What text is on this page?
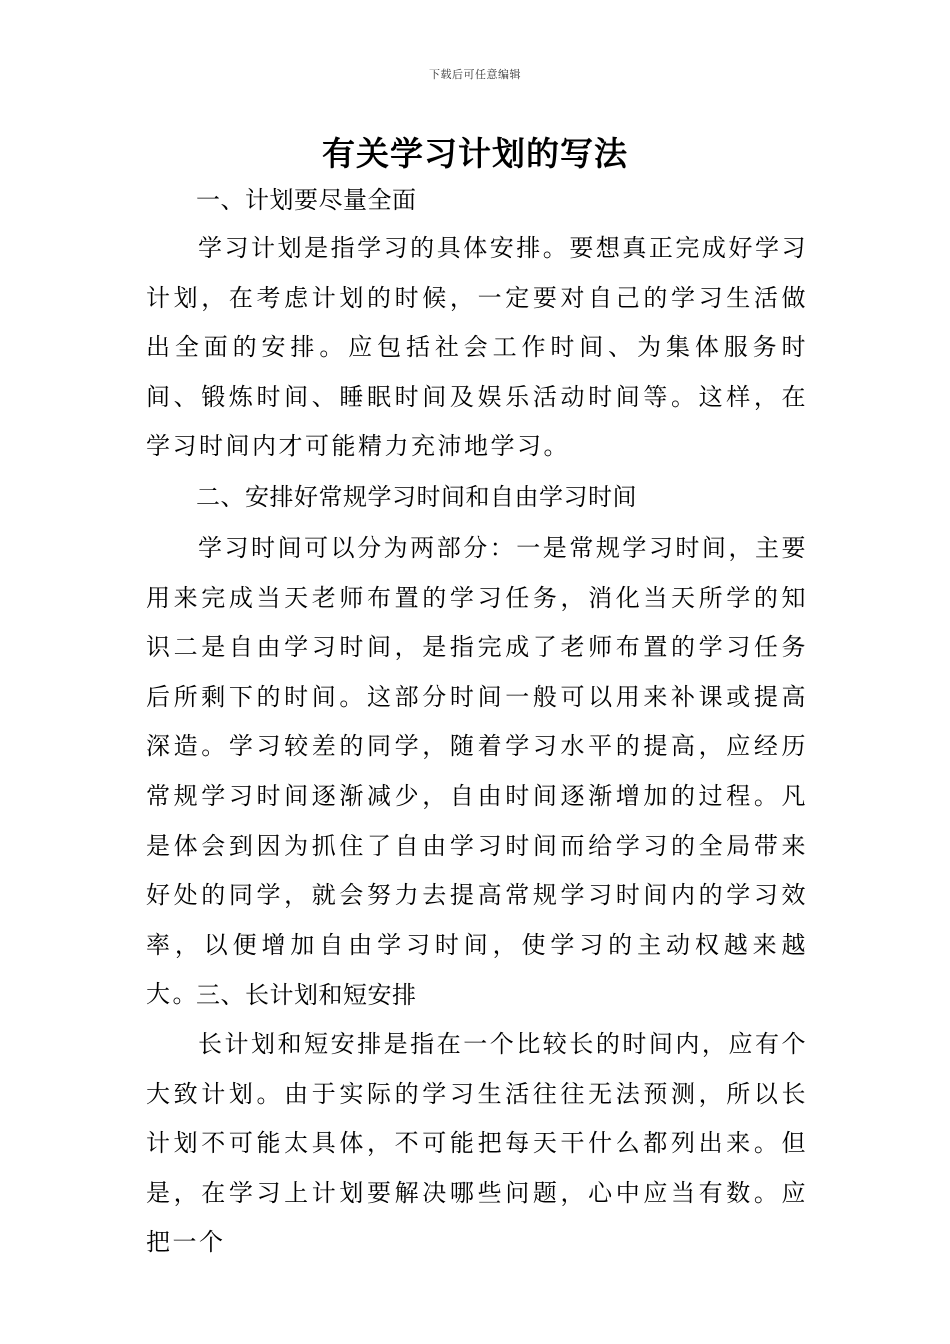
下载后可任意编辑
有关学习计划的写法
一、计划要尽量全面
学习计划是指学习的具体安排。要想真正完成好学习计划，在考虑计划的时候，一定要对自己的学习生活做出全面的安排。应包括社会工作时间、为集体服务时间、锻炼时间、睡眠时间及娱乐活动时间等。这样，在学习时间内才可能精力充沛地学习。
二、安排好常规学习时间和自由学习时间
学习时间可以分为两部分：一是常规学习时间，主要用来完成当天老师布置的学习任务，消化当天所学的知识二是自由学习时间，是指完成了老师布置的学习任务后所剩下的时间。这部分时间一般可以用来补课或提高深造。学习较差的同学，随着学习水平的提高，应经历常规学习时间逐渐减少，自由时间逐渐增加的过程。凡是体会到因为抓住了自由学习时间而给学习的全局带来好处的同学，就会努力去提高常规学习时间内的学习效率，以便增加自由学习时间，使学习的主动权越来越大。
三、长计划和短安排
长计划和短安排是指在一个比较长的时间内，应有个大致计划。由于实际的学习生活往往无法预测，所以长计划不可能太具体，不可能把每天干什么都列出来。但是，在学习上计划要解决哪些问题，心中应当有数。应把一个
